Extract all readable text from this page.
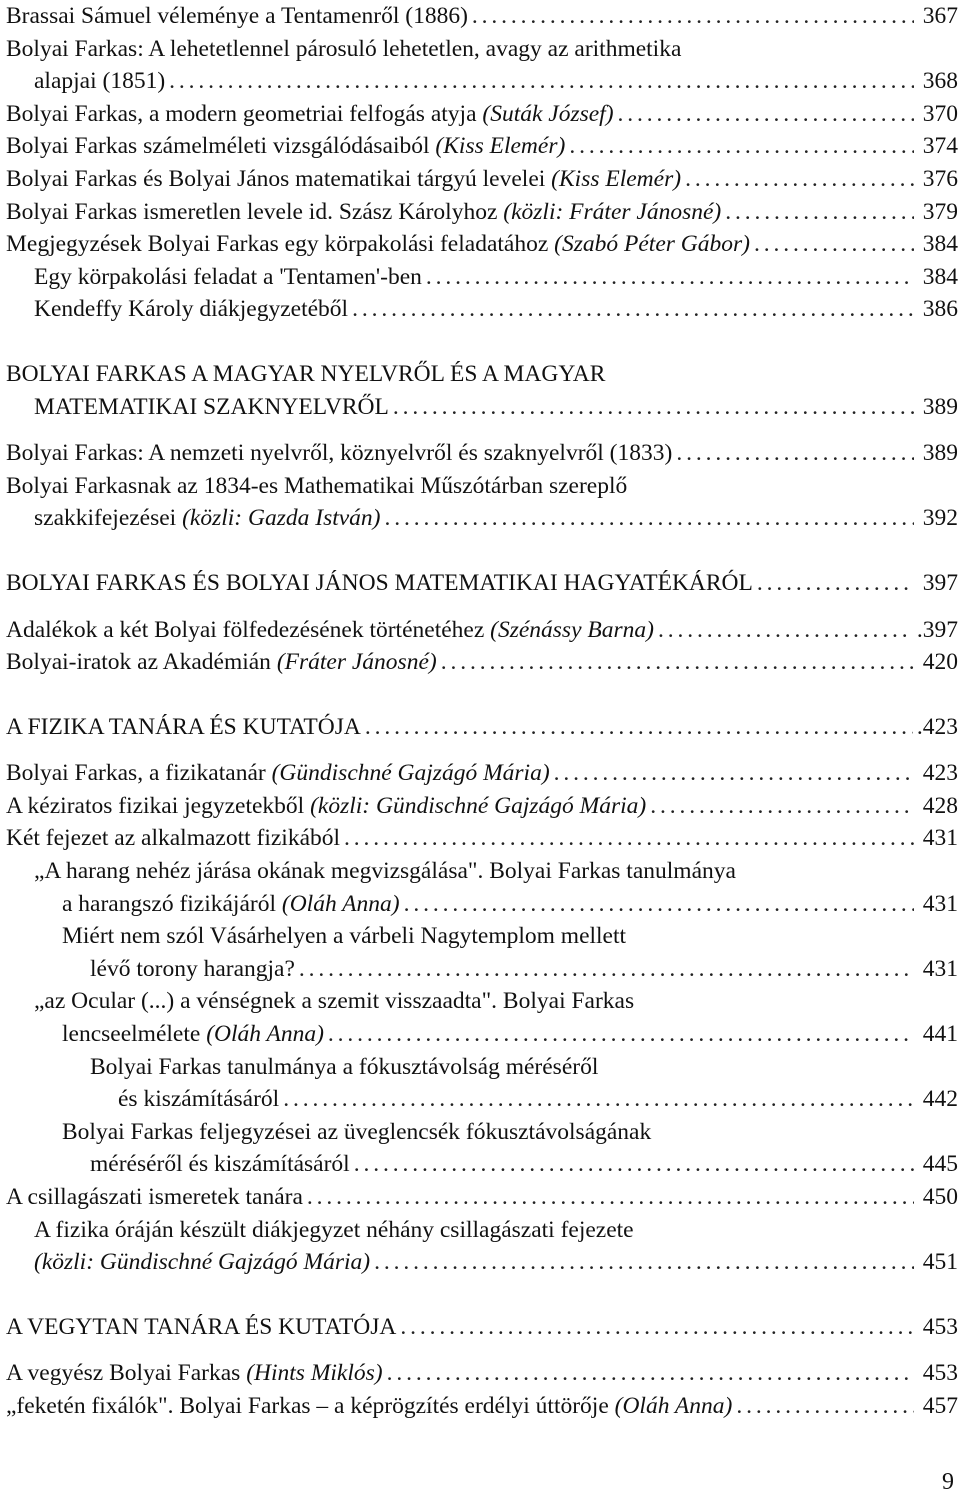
Brassai Sámuel véleménye a Tentamenről (1886) . . .	367
Bolyai Farkas: A lehetetlennel párosuló lehetetlen, avagy az arithmetika
alapjai (1851) . . .	368
Bolyai Farkas, a modern geometriai felfogás atyja (Suták József) . . .	370
Bolyai Farkas számelméleti vizsgálódásaiból (Kiss Elemér) . . .	374
Bolyai Farkas és Bolyai János matematikai tárgyú levelei (Kiss Elemér) . . .	376
Bolyai Farkas ismeretlen levele id. Szász Károlyhoz (közli: Fráter Jánosné) . . .	379
Megjegyzések Bolyai Farkas egy körpakolási feladatához (Szabó Péter Gábor) . . .	384
Egy körpakolási feladat a 'Tentamen'-ben . . .	384
Kendeffy Károly diákjegyzetéből . . .	386
BOLYAI FARKAS A MAGYAR NYELVRŐL ÉS A MAGYAR
MATEMATIKAI SZAKNYELVRŐL . . .	389
Bolyai Farkas: A nemzeti nyelvről, köznyelvről és szaknyelvről (1833) . . .	389
Bolyai Farkasnak az 1834-es Mathematikai Műszótárban szereplő
szakkifejezései (közli: Gazda István) . . .	392
BOLYAI FARKAS ÉS BOLYAI JÁNOS MATEMATIKAI HAGYATÉKÁRÓL . . .	397
Adalékok a két Bolyai fölfedezésének történetéhez (Szénássy Barna) . . .	.397
Bolyai-iratok az Akadémián (Fráter Jánosné) . . .	420
A FIZIKA TANÁRA ÉS KUTATÓJA . . .	.423
Bolyai Farkas, a fizikatanár (Gündischné Gajzágó Mária) . . .	423
A kéziratos fizikai jegyzetekből (közli: Gündischné Gajzágó Mária) . . .	428
Két fejezet az alkalmazott fizikából . . .	431
„A harang nehéz járása okának megvizsgálása". Bolyai Farkas tanulmánya
a harangszó fizikájáról (Oláh Anna) . . .	431
Miért nem szól Vásárhelyen a várbeli Nagytemplom mellett
lévő torony harangja? . . .	431
„az Ocular (...) a vénségnek a szemit visszaadta". Bolyai Farkas
lencseelmélete (Oláh Anna) . . .	441
Bolyai Farkas tanulmánya a fókusztávolság méréséről
és kiszámításáról . . .	442
Bolyai Farkas feljegyzései az üveglencsék fókusztávolságának
méréséről és kiszámításáról . . .	445
A csillagászati ismeretek tanára . . .	450
A fizika óráján készült diákjegyzet néhány csillagászati fejezete
(közli: Gündischné Gajzágó Mária) . . .	451
A VEGYTAN TANÁRA ÉS KUTATÓJA . . .	453
A vegyész Bolyai Farkas (Hints Miklós) . . .	453
„feketén fixálók". Bolyai Farkas – a képrögzítés erdélyi úttörője (Oláh Anna) . . .	457
9
